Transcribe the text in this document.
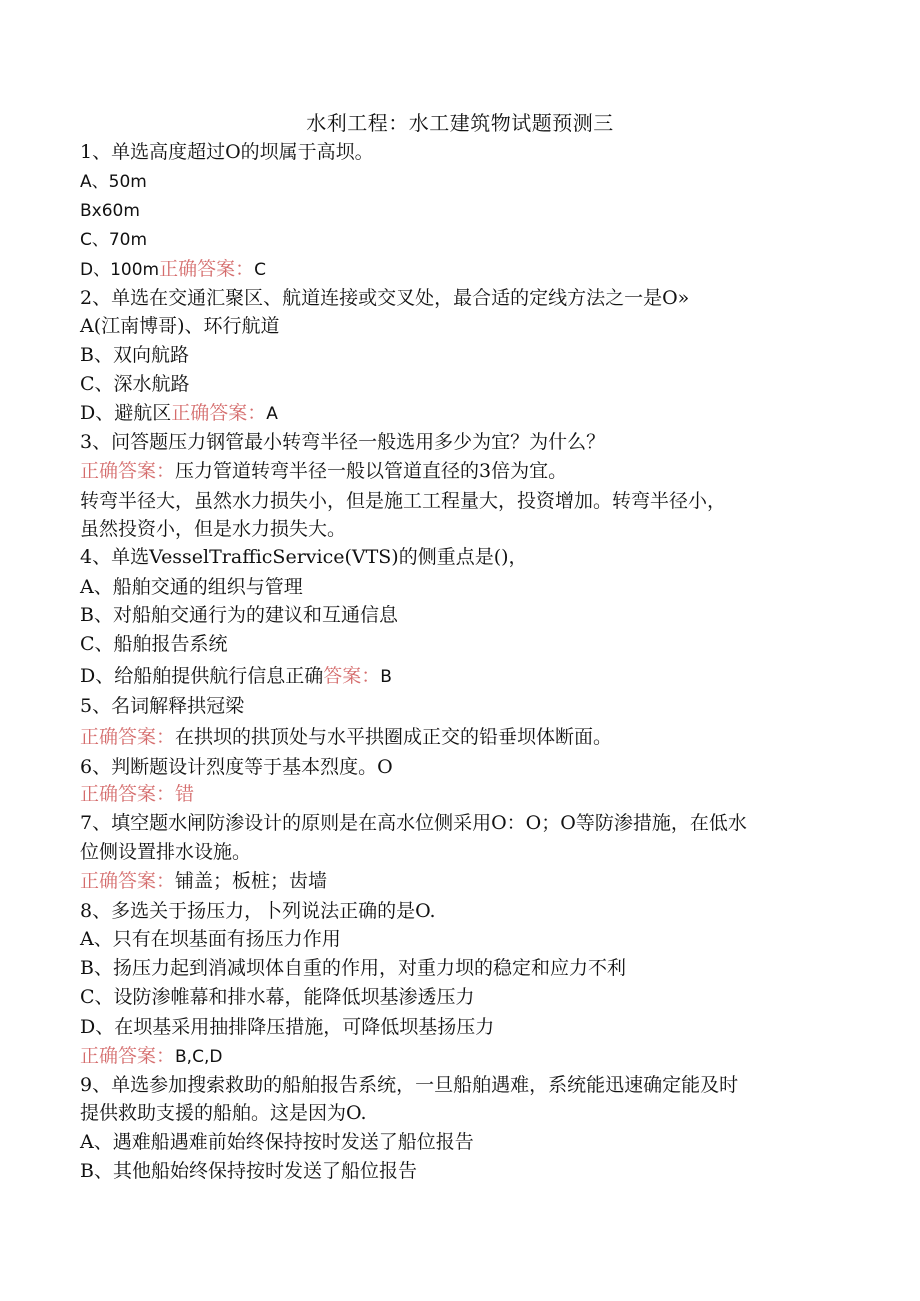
水利工程：水工建筑物试题预测三
1、单选高度超过O的坝属于高坝。
A、50m
Bx60m
C、70m
D、100m正确答案：C
2、单选在交通汇聚区、航道连接或交叉处，最合适的定线方法之一是O»
A(江南博哥)、环行航道
B、双向航路
C、深水航路
D、避航区正确答案：A
3、问答题压力钢管最小转弯半径一般选用多少为宜？为什么？
正确答案：压力管道转弯半径一般以管道直径的3倍为宜。
转弯半径大，虽然水力损失小，但是施工工程量大，投资增加。转弯半径小，
虽然投资小，但是水力损失大。
4、单选VesselTrafficService(VTS)的侧重点是()，
A、船舶交通的组织与管理
B、对船舶交通行为的建议和互通信息
C、船舶报告系统
D、给船舶提供航行信息正确答案：B
5、名词解释拱冠梁
正确答案：在拱坝的拱顶处与水平拱圈成正交的铅垂坝体断面。
6、判断题设计烈度等于基本烈度。O
正确答案：错
7、填空题水闸防渗设计的原则是在高水位侧采用O：O；O等防渗措施，在低水
位侧设置排水设施。
正确答案：铺盖；板桩；齿墙
8、多选关于扬压力，卜列说法正确的是O.
A、只有在坝基面有扬压力作用
B、扬压力起到消减坝体自重的作用，对重力坝的稳定和应力不利
C、设防渗帷幕和排水幕，能降低坝基渗透压力
D、在坝基采用抽排降压措施，可降低坝基扬压力
正确答案：B,C,D
9、单选参加搜索救助的船舶报告系统，一旦船舶遇难，系统能迅速确定能及时
提供救助支援的船舶。这是因为O.
A、遇难船遇难前始终保持按时发送了船位报告
B、其他船始终保持按时发送了船位报告
